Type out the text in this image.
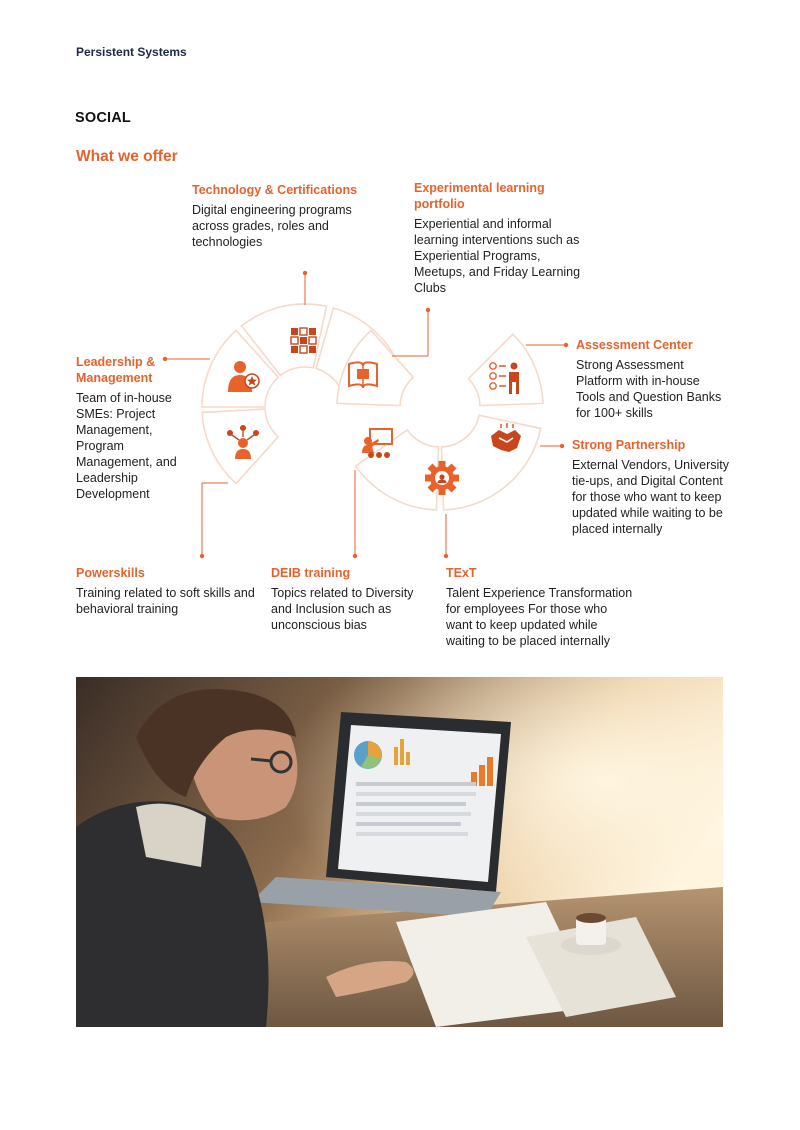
Persistent Systems
SOCIAL
What we offer
Technology & Certifications
Digital engineering programs across grades, roles and technologies
Experimental learning portfolio
Experiential and informal learning interventions such as Experiential Programs, Meetups, and Friday Learning Clubs
Assessment Center
Strong Assessment Platform with in-house Tools and Question Banks for 100+ skills
Leadership & Management
Team of in-house SMEs: Project Management, Program Management, and Leadership Development
Strong Partnership
External Vendors, University tie-ups, and Digital Content for those who want to keep updated while waiting to be placed internally
Powerskills
Training related to soft skills and behavioral training
DEIB training
Topics related to Diversity and Inclusion such as unconscious bias
TExT
Talent Experience Transformation for employees For those who want to keep updated while waiting to be placed internally
